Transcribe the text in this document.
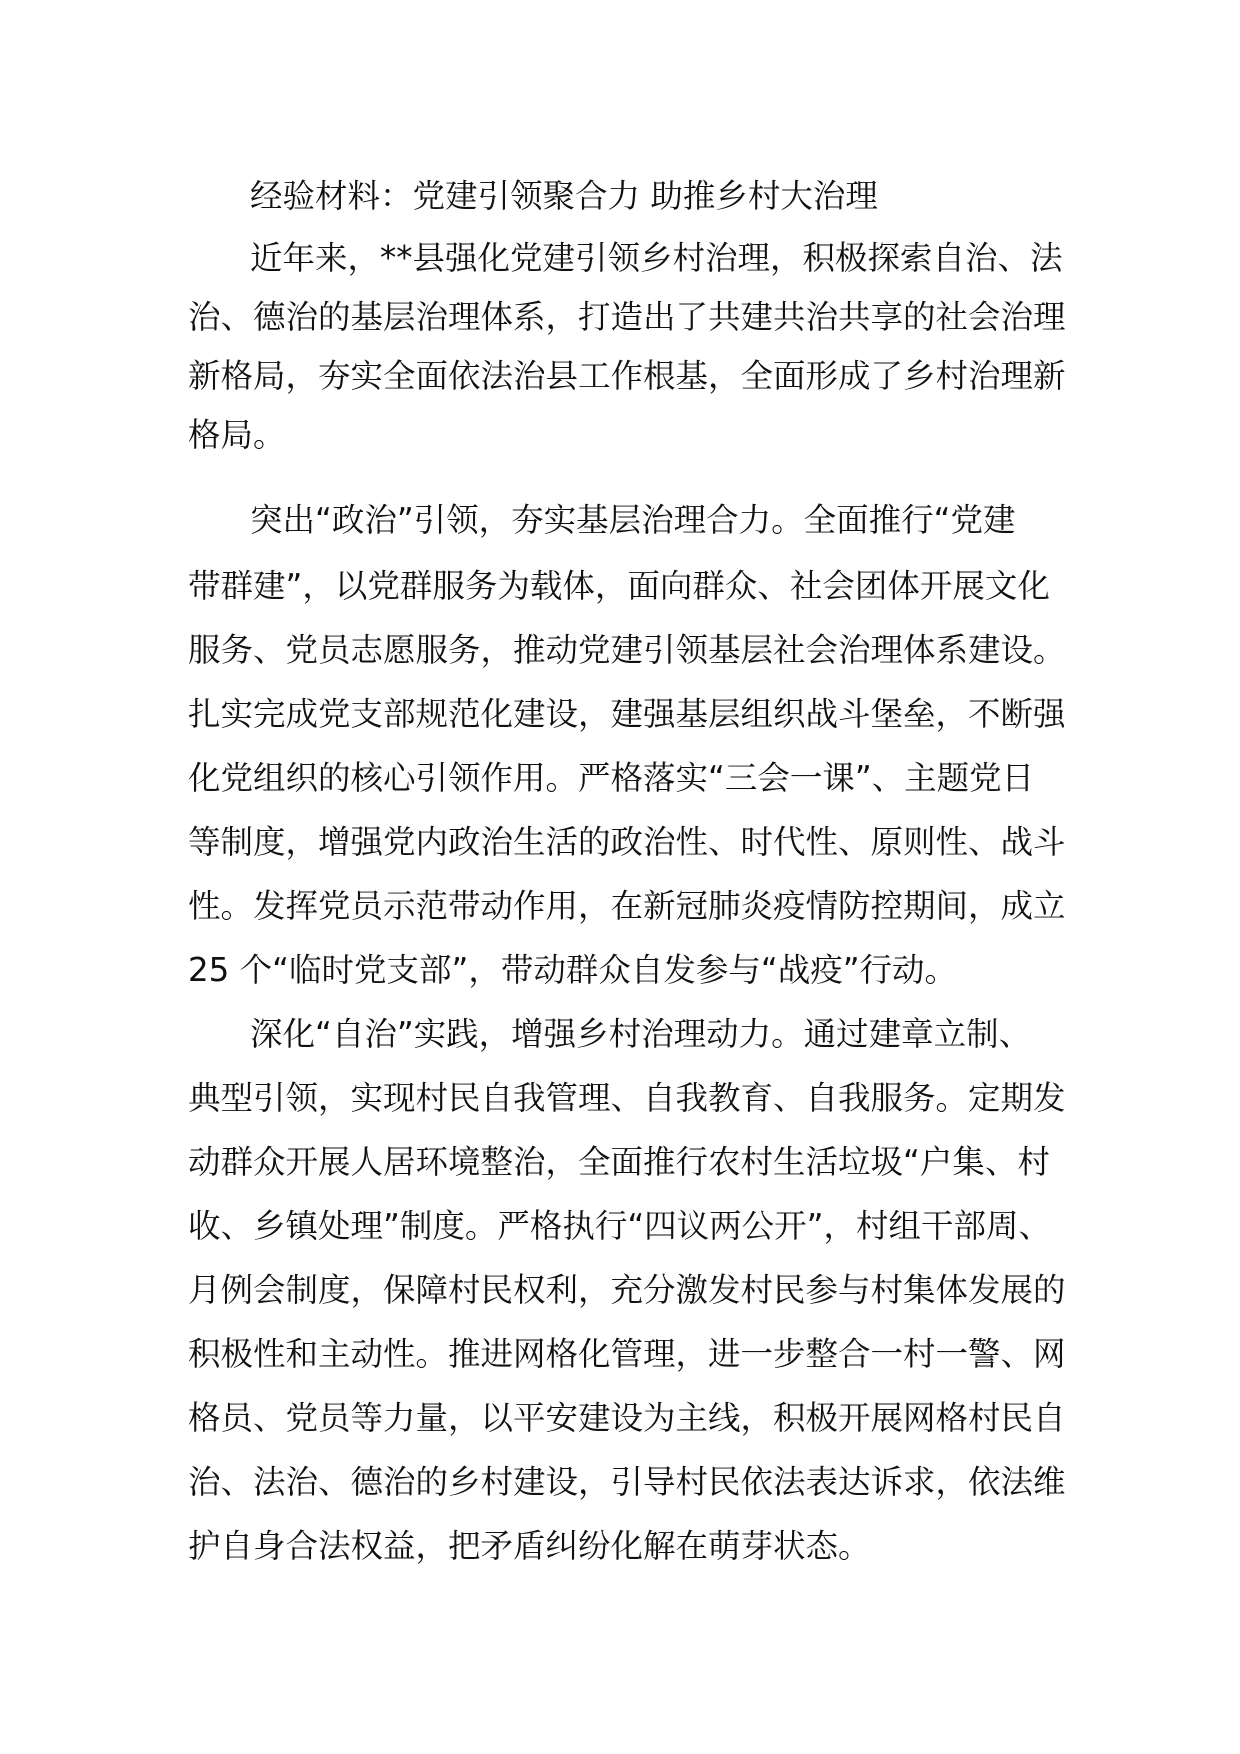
经验材料：党建引领聚合力 助推乡村大治理
近年来，**县强化党建引领乡村治理，积极探索自治、法
治、德治的基层治理体系，打造出了共建共治共享的社会治理
新格局，夯实全面依法治县工作根基，全面形成了乡村治理新
格局。
突出“政治”引领，夯实基层治理合力。全面推行“党建
带群建”，以党群服务为载体，面向群众、社会团体开展文化
服务、党员志愿服务，推动党建引领基层社会治理体系建设。
扎实完成党支部规范化建设，建强基层组织战斗堡垒，不断强
化党组织的核心引领作用。严格落实“三会一课”、主题党日
等制度，增强党内政治生活的政治性、时代性、原则性、战斗
性。发挥党员示范带动作用，在新冠肺炎疫情防控期间，成立
25 个“临时党支部”，带动群众自发参与“战疫”行动。
深化“自治”实践，增强乡村治理动力。通过建章立制、
典型引领，实现村民自我管理、自我教育、自我服务。定期发
动群众开展人居环境整治，全面推行农村生活垃圾“户集、村
收、乡镇处理”制度。严格执行“四议两公开”，村组干部周、
月例会制度，保障村民权利，充分激发村民参与村集体发展的
积极性和主动性。推进网格化管理，进一步整合一村一警、网
格员、党员等力量，以平安建设为主线，积极开展网格村民自
治、法治、德治的乡村建设，引导村民依法表达诉求，依法维
护自身合法权益，把矛盾纠纷化解在萌芽状态。
